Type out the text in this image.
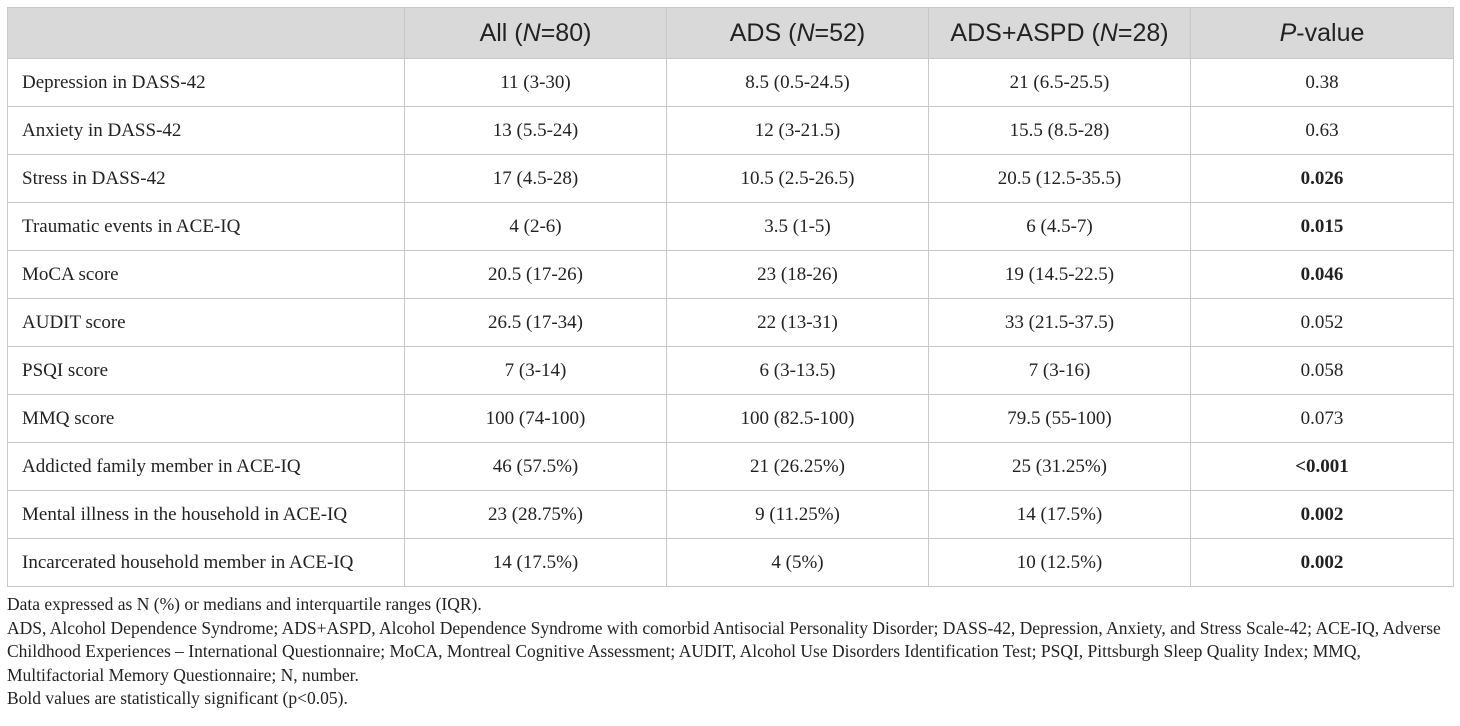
	All (N=80)	ADS (N=52)	ADS+ASPD (N=28)	P-value
Depression in DASS-42	11 (3-30)	8.5 (0.5-24.5)	21 (6.5-25.5)	0.38
Anxiety in DASS-42	13 (5.5-24)	12 (3-21.5)	15.5 (8.5-28)	0.63
Stress in DASS-42	17 (4.5-28)	10.5 (2.5-26.5)	20.5 (12.5-35.5)	0.026
Traumatic events in ACE-IQ	4 (2-6)	3.5 (1-5)	6 (4.5-7)	0.015
MoCA score	20.5 (17-26)	23 (18-26)	19 (14.5-22.5)	0.046
AUDIT score	26.5 (17-34)	22 (13-31)	33 (21.5-37.5)	0.052
PSQI score	7 (3-14)	6 (3-13.5)	7 (3-16)	0.058
MMQ score	100 (74-100)	100 (82.5-100)	79.5 (55-100)	0.073
Addicted family member in ACE-IQ	46 (57.5%)	21 (26.25%)	25 (31.25%)	<0.001
Mental illness in the household in ACE-IQ	23 (28.75%)	9 (11.25%)	14 (17.5%)	0.002
Incarcerated household member in ACE-IQ	14 (17.5%)	4 (5%)	10 (12.5%)	0.002

Data expressed as N (%) or medians and interquartile ranges (IQR).

ADS, Alcohol Dependence Syndrome; ADS+ASPD, Alcohol Dependence Syndrome with comorbid Antisocial Personality Disorder; DASS-42, Depression, Anxiety, and Stress Scale-42; ACE-IQ, Adverse Childhood Experiences – International Questionnaire; MoCA, Montreal Cognitive Assessment; AUDIT, Alcohol Use Disorders Identification Test; PSQI, Pittsburgh Sleep Quality Index; MMQ, Multifactorial Memory Questionnaire; N, number.

Bold values are statistically significant (p<0.05).
